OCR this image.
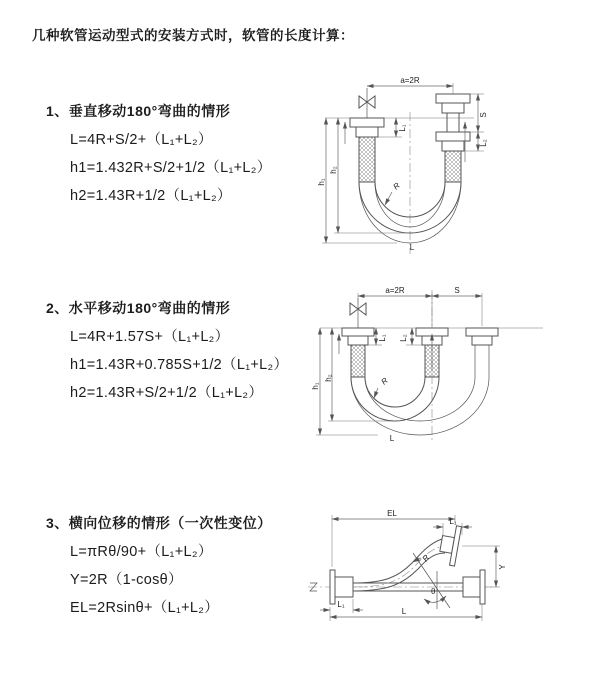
几种软管运动型式的安装方式时，软管的长度计算：
1、垂直移动180°弯曲的情形
L=4R+S/2+（L₁+L₂）
h1=1.432R+S/2+1/2（L₁+L₂）
h2=1.43R+1/2（L₁+L₂）
2、水平移动180°弯曲的情形
L=4R+1.57S+（L₁+L₂）
h1=1.43R+0.785S+1/2（L₁+L₂）
h2=1.43R+S/2+1/2（L₁+L₂）
3、横向位移的情形（一次性变位）
L=πRθ/90+（L₁+L₂）
Y=2R（1-cosθ）
EL=2Rsinθ+（L₁+L₂）
a=2R
S
L₂
L₁
h₂
h₁	R
L
a=2R	S
L₁ L₂
h₂
h₁	R
L
EL
L₁
Y
R
θ
L₁
L
